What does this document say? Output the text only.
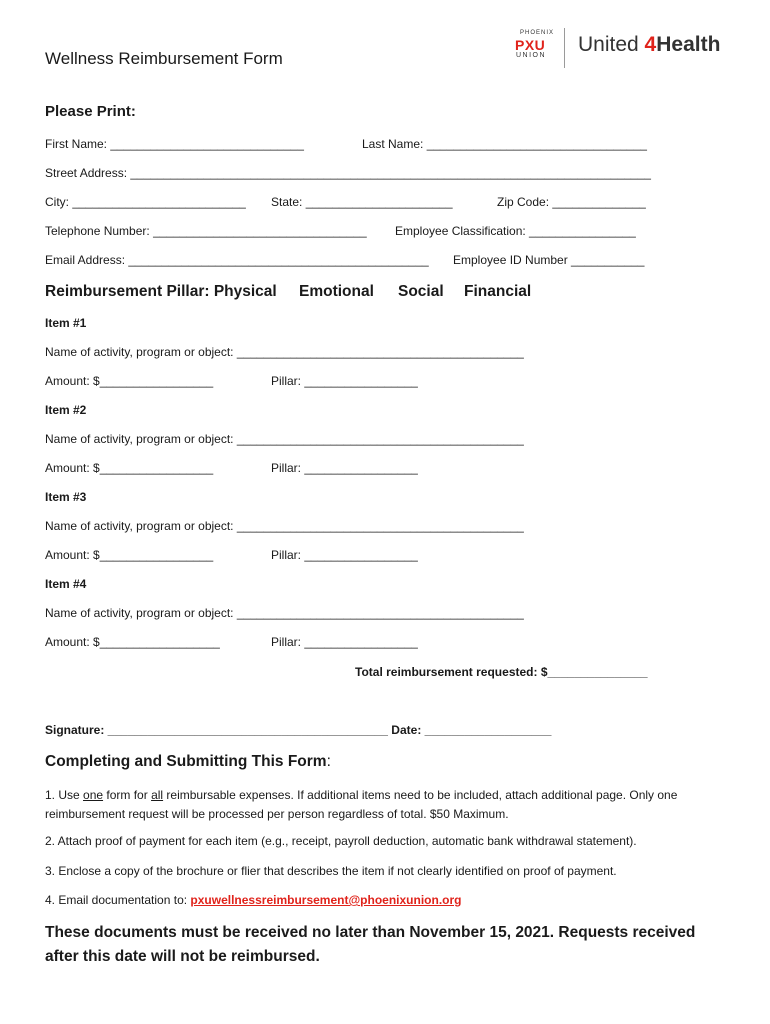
PHOENIX
PXU
UNION United 4Health
Wellness Reimbursement Form
Please Print:
First Name: _____________________________	Last Name: _________________________________
Street Address: ______________________________________________________________________________
City: __________________________ State: ______________________	Zip Code: ______________
Telephone Number: ________________________________ Employee Classification: ________________
Email Address: _____________________________________________ Employee ID Number ___________
Reimbursement Pillar: Physical Emotional Social Financial
Item #1
Name of activity, program or object: ___________________________________________
Amount: $_________________	Pillar: _________________
Item #2
Name of activity, program or object: ___________________________________________
Amount: $_________________	Pillar: _________________
Item #3
Name of activity, program or object: ___________________________________________
Amount: $_________________	Pillar: _________________
Item #4
Name of activity, program or object: ___________________________________________
Amount: $__________________	Pillar: _________________
Total reimbursement requested: $_______________
Signature: __________________________________________ Date: ___________________
Completing and Submitting This Form:
1. Use one form for all reimbursable expenses. If additional items need to be included, attach additional page. Only one reimbursement request will be processed per person regardless of total. $50 Maximum.
2. Attach proof of payment for each item (e.g., receipt, payroll deduction, automatic bank withdrawal statement).
3. Enclose a copy of the brochure or flier that describes the item if not clearly identified on proof of payment.
4. Email documentation to: pxuwellnessreimbursement@phoenixunion.org
These documents must be received no later than November 15, 2021. Requests received after this date will not be reimbursed.
